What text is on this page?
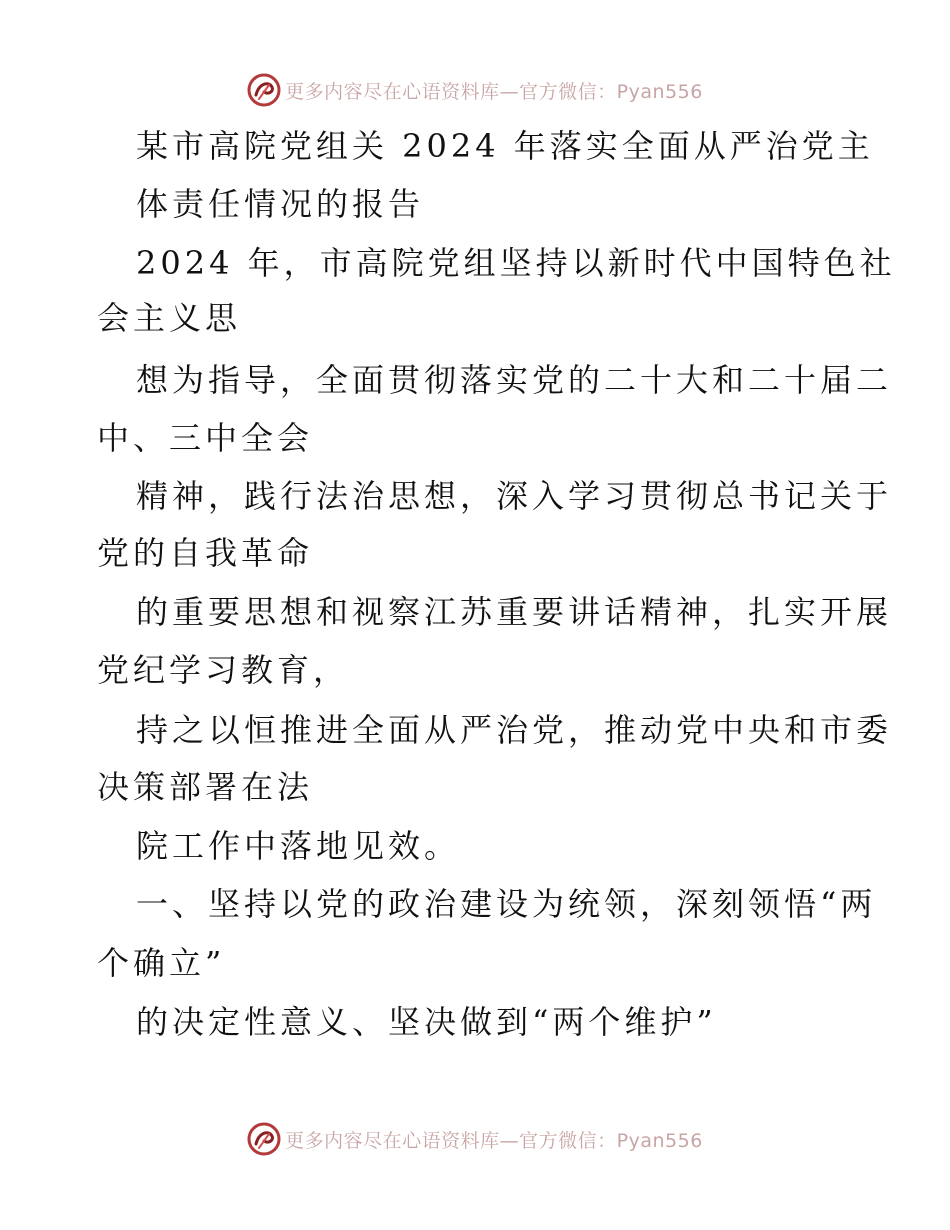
更多内容尽在心语资料库—官方微信：Pyan556
某市高院党组关 2024 年落实全面从严治党主
体责任情况的报告
2024 年，市高院党组坚持以新时代中国特色社
会主义思
想为指导，全面贯彻落实党的二十大和二十届二
中、三中全会
精神，践行法治思想，深入学习贯彻总书记关于
党的自我革命
的重要思想和视察江苏重要讲话精神，扎实开展
党纪学习教育，
持之以恒推进全面从严治党，推动党中央和市委
决策部署在法
院工作中落地见效。
一、坚持以党的政治建设为统领，深刻领悟“两
个确立”
的决定性意义、坚决做到“两个维护”
更多内容尽在心语资料库—官方微信：Pyan556
